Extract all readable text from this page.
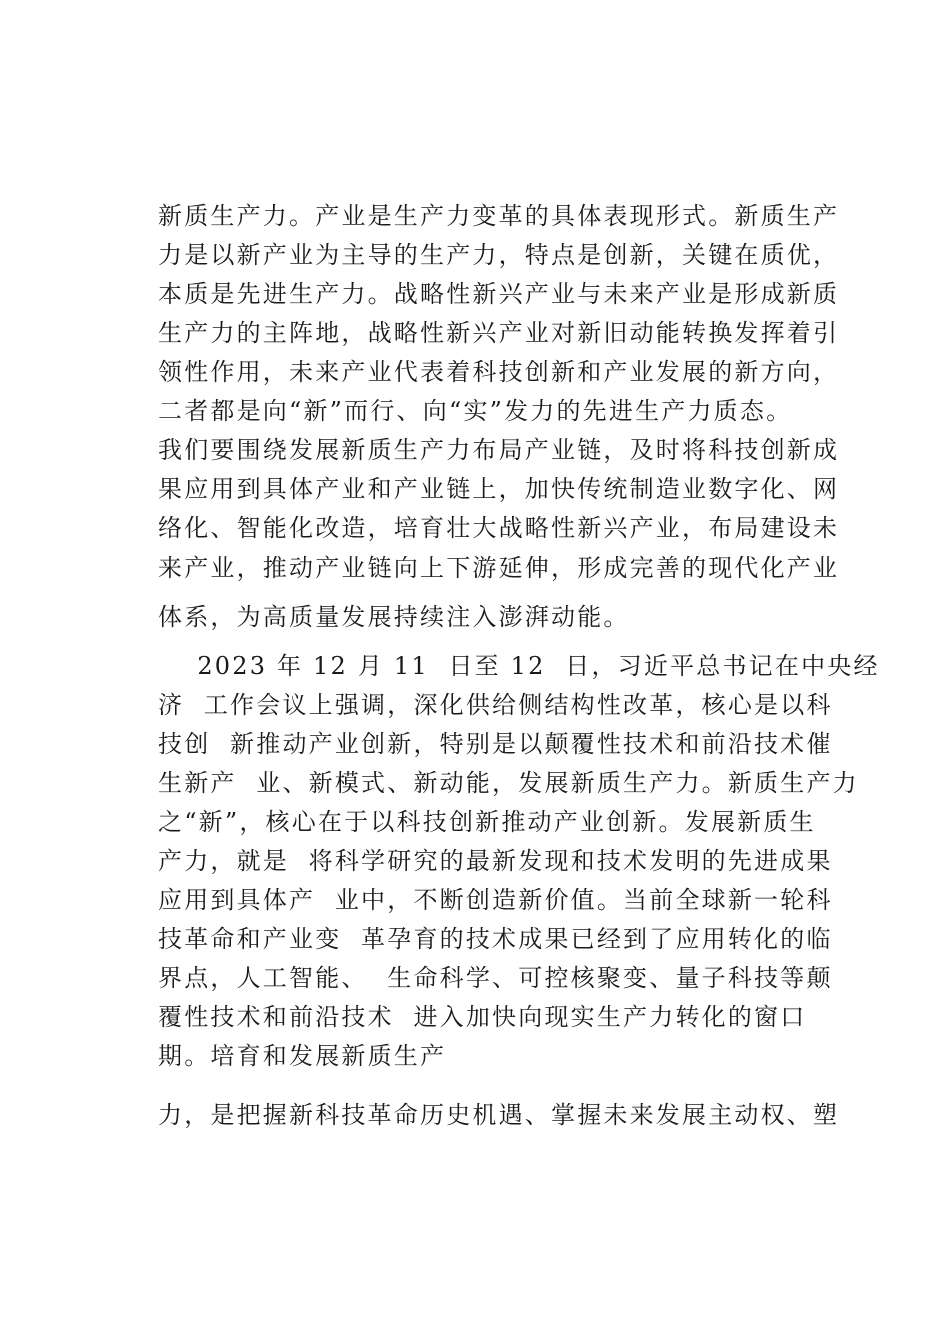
新质生产力。产业是生产力变革的具体表现形式。新质生产
力是以新产业为主导的生产力，特点是创新，关键在质优，
本质是先进生产力。战略性新兴产业与未来产业是形成新质
生产力的主阵地，战略性新兴产业对新旧动能转换发挥着引
领性作用，未来产业代表着科技创新和产业发展的新方向，
二者都是向“新”而行、向“实”发力的先进生产力质态。
我们要围绕发展新质生产力布局产业链，及时将科技创新成
果应用到具体产业和产业链上，加快传统制造业数字化、网
络化、智能化改造，培育壮大战略性新兴产业，布局建设未
来产业，推动产业链向上下游延伸，形成完善的现代化产业
体系，为高质量发展持续注入澎湃动能。
2023 年 12 月 11  日至 12  日，习近平总书记在中央经
济  工作会议上强调，深化供给侧结构性改革，核心是以科
技创  新推动产业创新，特别是以颠覆性技术和前沿技术催
生新产  业、新模式、新动能，发展新质生产力。新质生产力
之“新”，核心在于以科技创新推动产业创新。发展新质生
产力，就是  将科学研究的最新发现和技术发明的先进成果
应用到具体产  业中，不断创造新价值。当前全球新一轮科
技革命和产业变  革孕育的技术成果已经到了应用转化的临
界点，人工智能、  生命科学、可控核聚变、量子科技等颠
覆性技术和前沿技术  进入加快向现实生产力转化的窗口
期。培育和发展新质生产
力，是把握新科技革命历史机遇、掌握未来发展主动权、塑
